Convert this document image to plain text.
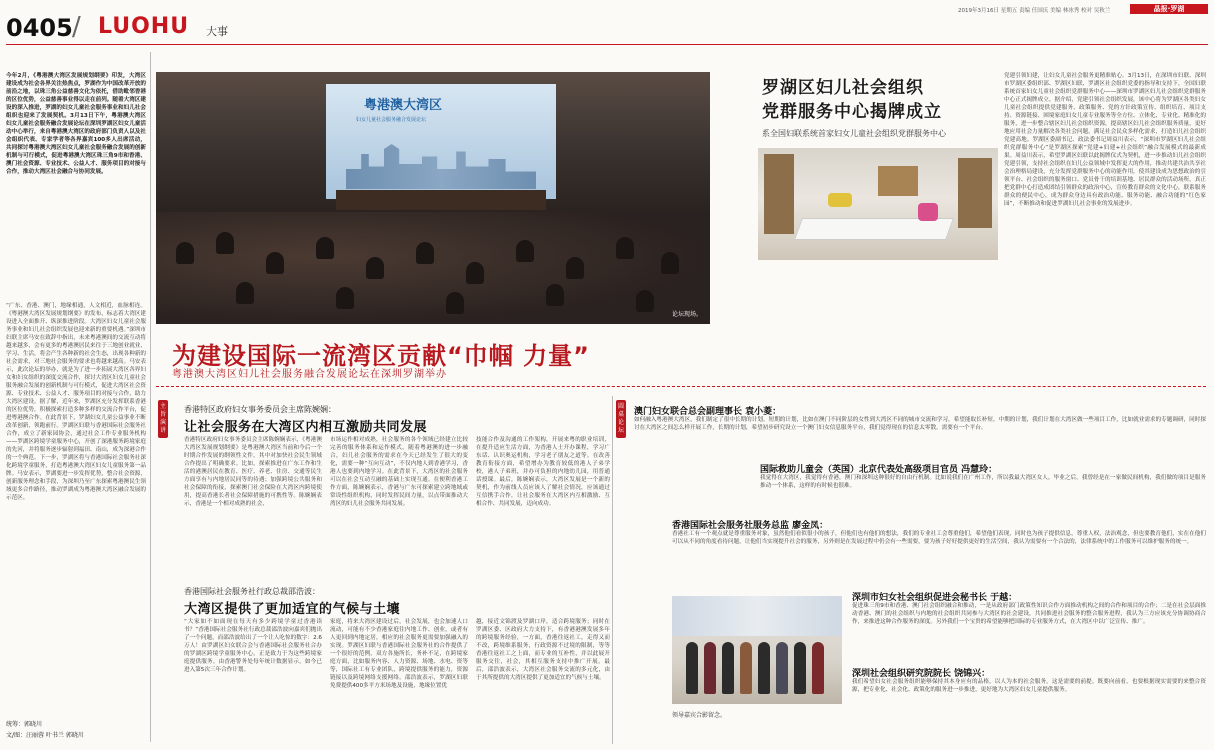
0405 / LUOHU 大事
2019年3月16日 星期五 责编 任国庆 美编 林冰秀 校对 吴秋兰	晶报·罗湖
今年2月，《粤港澳大湾区发展规划纲要》印发，大湾区建设成为社会各界关注热焦点，罗湖作为中国改革开放的前沿之地，以珠三角公益慈善文化为依托，借助毗邻香港的区位优势，公益慈善事业得以走在前列。随着大湾区建设的深入推进，罗湖的妇女儿童社会服务事业和妇儿社会组织也迎来了发展契机。3月13日下午，粤港澳大湾区妇女儿童社会服务融合发展论坛在深圳罗湖区妇女儿童活动中心举行，来自粤港澳大湾区的政府部门负责人以及社会组织代表、专家学者等各界嘉宾100多人出席活动，共同探讨粤港澳大湾区妇女儿童社会服务融合发展的创新机制与可行模式，促进粤港澳大湾区珠三角9市和香港、澳门社会资源、专业技术、公益人才、服务项目的对接与合作，推动大湾区社会融合与协同发展。
“广东、香港、澳门，地缘相通，人文相近，血脉相连。《粤港澳大湾区发展规划纲要》的发布，标志着大湾区建设进入全面推开、纵深推进阶段。大湾区妇女儿童社会服务事业和妇儿社会组织发展也迎来新的重要机遇。”深圳市妇联主席马安在致辞中指出，未来粤港澳间的交流互动将越来越多，会有更多的粤港澳居民来往于三地创业就业、学习、生活，将会产生各种新的社会生态，出现各种新的社会需求，对三地社会服务的要求也将越来越高。马安表示，此次论坛的举办，就是为了进一步拓展大湾区各界妇女和妇女组织的深度交流合作，探讨大湾区妇女儿童社会服务融合发展的创新机制与可行模式，促进大湾区社会资源、专业技术、公益人才、服务项目的对接与合作，助力大湾区建设。据了解，近年来，罗湖区充分发挥联系香港的区位优势，积极探索打造多种多样的交流合作平台，促进粤港澳合作。在此背景下，罗湖妇女儿童公益事业不断改革创新，领跑前行。罗湖区妇联与香港国际社会服务社合作，成立了新家园协会，通过社会工作专业服务机构——罗湖区跨境学童服务中心，开创了深港服务跨境家庭的先河，并将服务逐步辐射到福田、南山，成为深港合作的一个典范。下一步，罗湖区将与香港国际社会服务社深化跨境学童服务，打造粤港澳大湾区妇女儿童服务第一品牌。马安表示，罗湖要进一步发挥优势，整合社会资源，创新服务理念和手段，为深圳乃至广东探索粤港澳民生领域更多合作路径，推动罗湖成为粤港澳大湾区融合发展的示范区。
统筹：郭晓川
文/图：汪丽蓉 叶书兰 郭晓川
粤港澳大湾区
妇女儿童社会服务融合发展论坛
论坛现场。
罗湖区妇儿社会组织
党群服务中心揭牌成立
系全国妇联系统首家妇女儿童社会组织党群服务中心
党建引领妇建，让妇女儿童社会服务更精准贴心。3月13日，在深圳市妇联、深圳市罗湖区委组织部、罗湖区妇联、罗湖区社会组织党委的指导和支持下，全国妇联系统首家妇女儿童社会组织党群服务中心——深圳市罗湖区妇儿社会组织党群服务中心正式揭牌成立。据介绍，党建引领社会组织发展，该中心将为罗湖区各类妇女儿童社会组织提供党建服务、政策服务、党的方针政策宣传、组织培育、项目支持、资源链接、困境家庭妇女儿童专业服务等全方位、立体化、专业化、精准化的服务，进一步整合辖区妇儿社会组织资源，提高辖区妇儿社会组织服务质量，更好地应用社会力量解决各类社会问题，满足社会民众多样化需求，打造妇儿社会组织党建高地。罗湖区委副书记、政法委书记周益川表示，“深圳市罗湖区妇儿社会组织党群服务中心”是罗湖区探索“党建+妇建+社会组织”融合发展模式的最新成果。周益川表示，希望罗湖区妇联以此揭牌仪式为契机，进一步推动妇儿社会组织党建引领，支持社会组织在妇儿公益领域中发挥更大的作用，推动共建共治共享社会治理格局建设，充分发挥党群服务中心的功能作用，使其建设成为思想政治的引领平台、社会组织的服务窗口、党员骨干的培训基地、居民群众的活动场所，真正把党群中心打造成团结引领群众的政治中心，宣传教育群众的文化中心，联系服务群众的便民中心，成为群众身边具有政治功能、服务功能、融合功能的“红色家园”，不断推动和促进罗湖妇儿社会事业的发展进步。
为建设国际一流湾区贡献“巾帼 力量”
粤港澳大湾区妇儿社会服务融合发展论坛在深圳罗湖举办
主旨演讲
圆桌论坛
香港特区政府妇女事务委员会主席陈婉娴：
让社会服务在大湾区内相互激励共同发展
香港特区政府妇女事务委员会主席陈婉娴表示，《粤港澳大湾区发展规划纲要》是粤港澳大湾区当前和今后一个时期合作发展的纲领性文件，其中对加快社会民生领域合作提出了明确要求。比如，探索推进在广东工作和生活的港澳居民在教育、医疗、养老、住房、交通等民生方面享有与内地居民同等的待遇；加强跨境公共服务和社会保障的衔接，探索澳门社会保险在大湾区内跨境使用，提高香港长者社会保障措施的可携性等。陈婉娴表示，香港是一个相对成熟的社会，
市场运作相对成熟，社会服务的各个领域已经建立比较完善的服务体系和运作模式。随着粤港澳的进一步融合，妇儿社会服务的需求在今天已经发生了很大的变化，需要一种“互向互动”，不仅内地人到香港学习，香港人也要到内地学习。在此背景下，大湾区的社会服务可以在社会互动互融的基础上实现互通。在便利香港工作方面，陈婉娴表示，香港与广东可探索建立跨地域或常设性组织机构，同时发挥民间力量，以点带面推动大湾区的妇儿社会服务共同发展。
技能合作及沟通的工作架构，开展来粤的职业培训，在提升适应生活方面，为香港人士开办课程，学习广东话、认识奥运机构，学习老子朋友之道等。在改善教育衔接方面，希望增办为教育较低的港人子弟学校，港人子弟班，并办可负担的内地幼儿园，用普通话授课。最后，陈婉娴表示，大湾区发展是一个新的契机，作为前线人员应该人了解社会情况，应该通过互信携手合作，让社会服务在大湾区内互相激励、互相合作、共同发展，迈向成功。
香港国际社会服务社行政总裁邵浩波：
大湾区提供了更加适宜的气候与土壤
“大家如不如面现在每天有多少跨境学童过香港读书？”香港国际社会服务社行政总裁邵浩波向嘉宾们抛出了一个问题，而邵浩波给出了一个让人吃惊的数字：2.6万人！由罗湖区妇女联合会与香港国际社会服务社合办的罗湖区跨境学童服务中心，正是致力于为这些跨境家庭提供服务。由香港警务处每年统计数据显示，如今已进入第5次三年合作计划。
家庭，将来大湾区建设过后，社会发展，也会加速人口流动，可能有不少香港家庭往内地工作、创业，或者有人更回到内地定居，相应的社会服务更需要加强融入的实现。罗湖区妇联与香港国际社会服务社的合作提供了一个很好的范例，双方各施所长，务补不足，在跨境家庭方面，比如服务内容、人力资源、场地、水电、资等等，国际社工有专业团队，跨境提供服务的能力，资源链接以及跨境网络支援网络。邵浩波表示，罗湖区妇联免费提供400多平方米场地及设施，地缘位置优
越，接近文锦渡及罗湖口岸，适合跨境服务；同时在罗湖区委、区政府大力支持下，有香港港澳发展多年的跨境服务经验，一方面，香港往返社工，走得又而不改，跨境维系服务，行政资源不过境的限制，等等香港往返社工之上面，而专业的互补性，并以此展开服务交往，社会，其相互服务支持中推广开展。最后，邵浩波表示，大湾区社会服务交流的多元化，由于其所提供的大湾区提供了更加适宜的气候与土壤。
澳门妇女联合总会副理事长 袁小菱：
如何融入粤港澳大湾区，我们制定了很中长期的计划。短期的计划，比如在澳门不同阶层的女性到大湾区不同的城市交流和学习，希望能取长补短。中期的计划，我们计划在大湾区做一些项目工作，比如就业需求的专题调研，同时探讨在大湾区之间怎么样开展工作，长期的计划，希望初步研究设立一个澳门妇女信息服务平台，我们觉得现在的信息太零散，需要有一个平台。
国际救助儿童会（英国）北京代表处高级项目官员 冯慧玲：
我觉得在大湾区，我觉得有香港，澳门和深圳这种很好的自由行机制。比如说我们在广州工作，所以我最大湾区女人，毕业之后，我曾经是在一家做民间机构，我们做的项目是服务推动一个体系，这样的有时候也很难。
香港国际社会服务社服务总监 廖金凤：
香港社工有一个观点就是尊重服务对象，虽然他们看似很小的孩子，但他们也有他们的想法，我们的专业社工会尊重他们，希望他们表现，同时也为孩子提供信息，尊重人权，法治观念，但也要教育他们，实在在他们可以从不同的角度看待问题，让他们当实现提升社会的服务，另外则是在发展过程中仍会有一些需要，要为孩子好好提供更好的生活空间，我认为需要有一个合法的，法律系统中的工作服务可以维护服务的统一。
深圳市妇女社会组织促进会秘书长 于越：
促进珠三角9市和香港、澳门社会组织融合和推动，一是从政府部门政策性知识合作方面推动机构之间的合作和项目的合作；二是在社会层面推动香港、澳门的社会组织与内地的社会组织共同参与大湾区的社会建设，共同推进社会服务的整合服务进程，我认为三方应该充分协调协商合作，来推进这种合作服务的深度。另外我们一个宝贵的希望能够把国际的专业服务方式，在大湾区中以广泛宣传、推广。
深圳社会组织研究院院长 饶锦兴：
我们希望妇女社会服务组织能够保持其本身应有的品格，以人为本的社会服务，这是需要的前提。既要向前看，也要根据现实需要的来整合资源，把专业化、社会化、政策化的服务进一步推进，更好地为大湾区妇女儿童提供服务。
领导嘉宾合影留念。
